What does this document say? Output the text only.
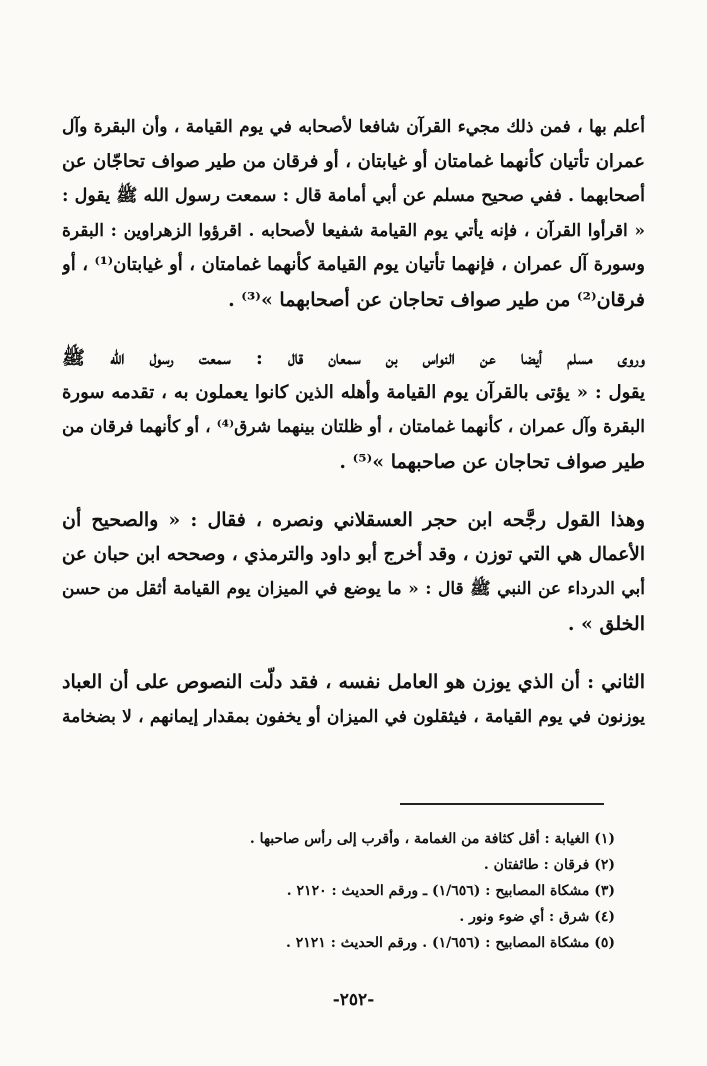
أعلم بها ، فمن ذلك مجيء القرآن شافعا لأصحابه في يوم القيامة ، وأن البقرة وآل
عمران تأتيان كأنهما غمامتان أو غيابتان ، أو فرقان من طير صواف تحاجّان عن
أصحابهما . ففي صحيح مسلم عن أبي أمامة قال : سمعت رسول الله ﷺ يقول :
« اقرأوا القرآن ، فإنه يأتي يوم القيامة شفيعا لأصحابه . اقرؤوا الزهراوين : البقرة
وسورة آل عمران ، فإنهما تأتيان يوم القيامة كأنهما غمامتان ، أو غيابتان⁽¹⁾ ، أو
فرقان⁽²⁾ من طير صواف تحاجان عن أصحابهما »⁽³⁾ .
وروى مسلم أيضا عن النواس بن سمعان قال : سمعت رسول الله ﷺ
يقول : « يؤتى بالقرآن يوم القيامة وأهله الذين كانوا يعملون به ، تقدمه سورة
البقرة وآل عمران ، كأنهما غمامتان ، أو ظلتان بينهما شرق⁽⁴⁾ ، أو كأنهما فرقان من
طير صواف تحاجان عن صاحبهما »⁽⁵⁾ .
وهذا القول رجَّحه ابن حجر العسقلاني ونصره ، فقال : « والصحيح أن
الأعمال هي التي توزن ، وقد أخرج أبو داود والترمذي ، وصححه ابن حبان عن
أبي الدرداء عن النبي ﷺ قال : « ما يوضع في الميزان يوم القيامة أثقل من حسن
الخلق » .
الثاني : أن الذي يوزن هو العامل نفسه ، فقد دلّت النصوص على أن العباد
يوزنون في يوم القيامة ، فيثقلون في الميزان أو يخفون بمقدار إيمانهم ، لا بضخامة
(١) الغيابة : أقل كثافة من الغمامة ، وأقرب إلى رأس صاحبها .
(٢) فرقان : طائفتان .
(٣) مشكاة المصابيح : (١/٦٥٦) ـ ورقم الحديث : ٢١٢٠ .
(٤) شرق : أي ضوء ونور .
(٥) مشكاة المصابيح : (١/٦٥٦) . ورقم الحديث : ٢١٢١ .
-٢٥٢-
